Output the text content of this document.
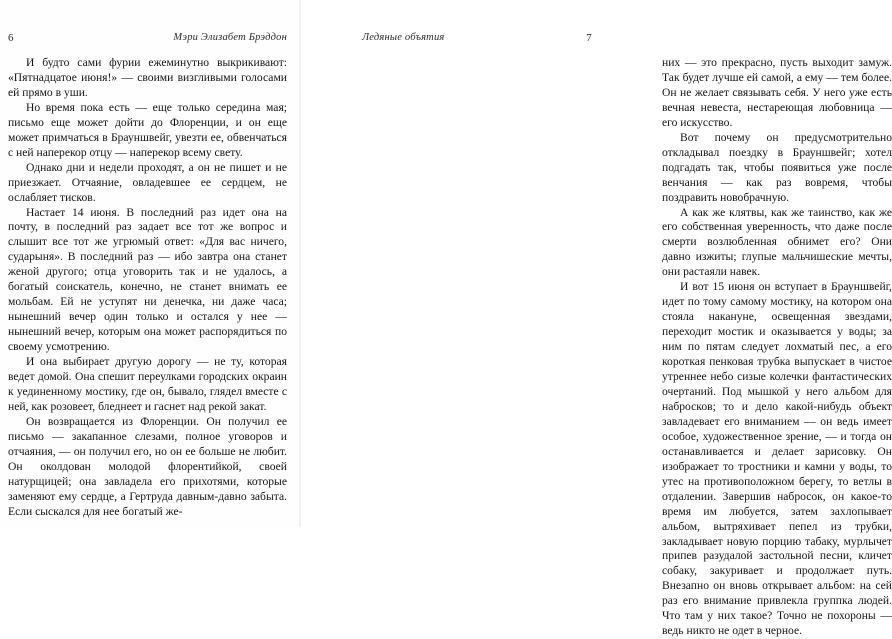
6	Мэри Элизабет Брэддон

И будто сами фурии ежеминутно выкрикивают: «Пятнадцатое июня!» — своими визгливыми голосами ей прямо в уши.

Но время пока есть — еще только середина мая; письмо еще может дойти до Флоренции, и он еще может примчаться в Брауншвейг, увезти ее, обвенчаться с ней наперекор отцу — наперекор всему свету.

Однако дни и недели проходят, а он не пишет и не приезжает. Отчаяние, овладевшее ее сердцем, не ослабляет тисков.

Настает 14 июня. В последний раз идет она на почту, в последний раз задает все тот же вопрос и слышит все тот же угрюмый ответ: «Для вас ничего, сударыня». В последний раз — ибо завтра она станет женой другого; отца уговорить так и не удалось, а богатый соискатель, конечно, не станет внимать ее мольбам. Ей не уступят ни денечка, ни даже часа; нынешний вечер один только и остался у нее — нынешний вечер, которым она может распорядиться по своему усмотрению.

И она выбирает другую дорогу — не ту, которая ведет домой. Она спешит переулками городских окраин к уединенному мостику, где он, бывало, глядел вместе с ней, как розовеет, бледнеет и гаснет над рекой закат.

Он возвращается из Флоренции. Он получил ее письмо — закапанное слезами, полное уговоров и отчаяния, — он получил его, но он ее больше не любит. Он околдован молодой флорентийкой, своей натурщицей; она завладела его прихотями, которые заменяют ему сердце, а Гертруда давным-давно забыта. Если сыскался для нее богатый же-

Ледяные объятия	7

них — это прекрасно, пусть выходит замуж. Так будет лучше ей самой, а ему — тем более. Он не желает связывать себя. У него уже есть вечная невеста, нестареющая любовница — его искусство.

Вот почему он предусмотрительно откладывал поездку в Брауншвейг; хотел подгадать так, чтобы появиться уже после венчания — как раз вовремя, чтобы поздравить новобрачную.

А как же клятвы, как же таинство, как же его собственная уверенность, что даже после смерти возлюбленная обнимет его? Они давно изжиты; глупые мальчишеские мечты, они растаяли навек.

И вот 15 июня он вступает в Брауншвейг, идет по тому самому мостику, на котором она стояла накануне, освещенная звездами, переходит мостик и оказывается у воды; за ним по пятам следует лохматый пес, а его короткая пенковая трубка выпускает в чистое утреннее небо сизые колечки фантастических очертаний. Под мышкой у него альбом для набросков; то и дело какой-нибудь объект завладевает его вниманием — он ведь имеет особое, художественное зрение, — и тогда он останавливается и делает зарисовку. Он изображает то тростники и камни у воды, то утес на противоположном берегу, то ветлы в отдалении. Завершив набросок, он какое-то время им любуется, затем захлопывает альбом, вытряхивает пепел из трубки, закладывает новую порцию табаку, мурлычет припев разудалой застольной песни, кличет собаку, закуривает и продолжает путь. Внезапно он вновь открывает альбом: на сей раз его внимание привлекла группка людей. Что там у них такое? Точно не похороны — ведь никто не одет в черное.
